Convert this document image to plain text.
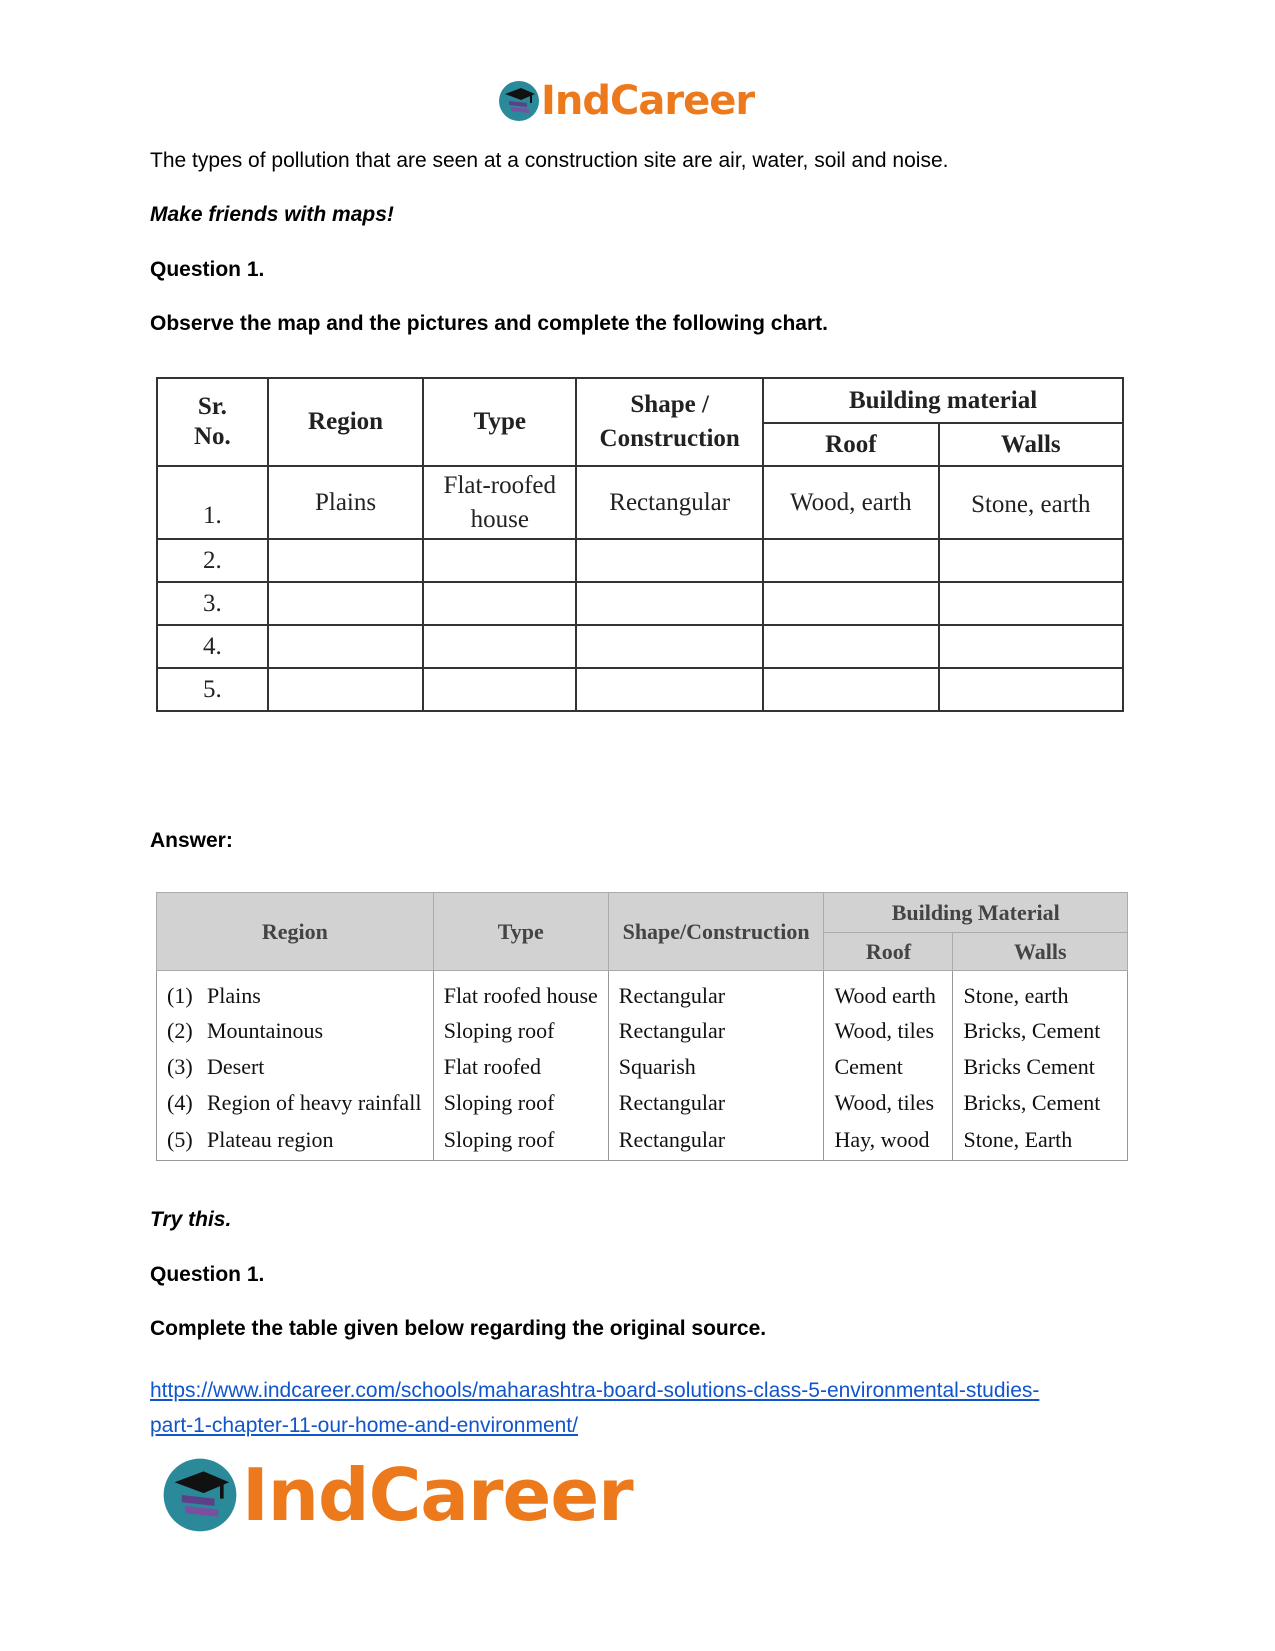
IndCareer
The types of pollution that are seen at a construction site are air, water, soil and noise.
Make friends with maps!
Question 1.
Observe the map and the pictures and complete the following chart.
Sr. No.	Region	Type	Shape / Construction	Building material	
				Roof	Walls
1.	Plains	Flat-roofed house	Rectangular	Wood, earth	Stone, earth
2.					
3.					
4.					
5.					
Answer:
Region	Type	Shape/Construction	Building Material	
			Roof	Walls
(1) Plains	Flat roofed house	Rectangular	Wood earth	Stone, earth
(2) Mountainous	Sloping roof	Rectangular	Wood, tiles	Bricks, Cement
(3) Desert	Flat roofed	Squarish	Cement	Bricks Cement
(4) Region of heavy rainfall	Sloping roof	Rectangular	Wood, tiles	Bricks, Cement
(5) Plateau region	Sloping roof	Rectangular	Hay, wood	Stone, Earth
Try this.
Question 1.
Complete the table given below regarding the original source.
https://www.indcareer.com/schools/maharashtra-board-solutions-class-5-environmental-studies-
part-1-chapter-11-our-home-and-environment/
IndCareer
